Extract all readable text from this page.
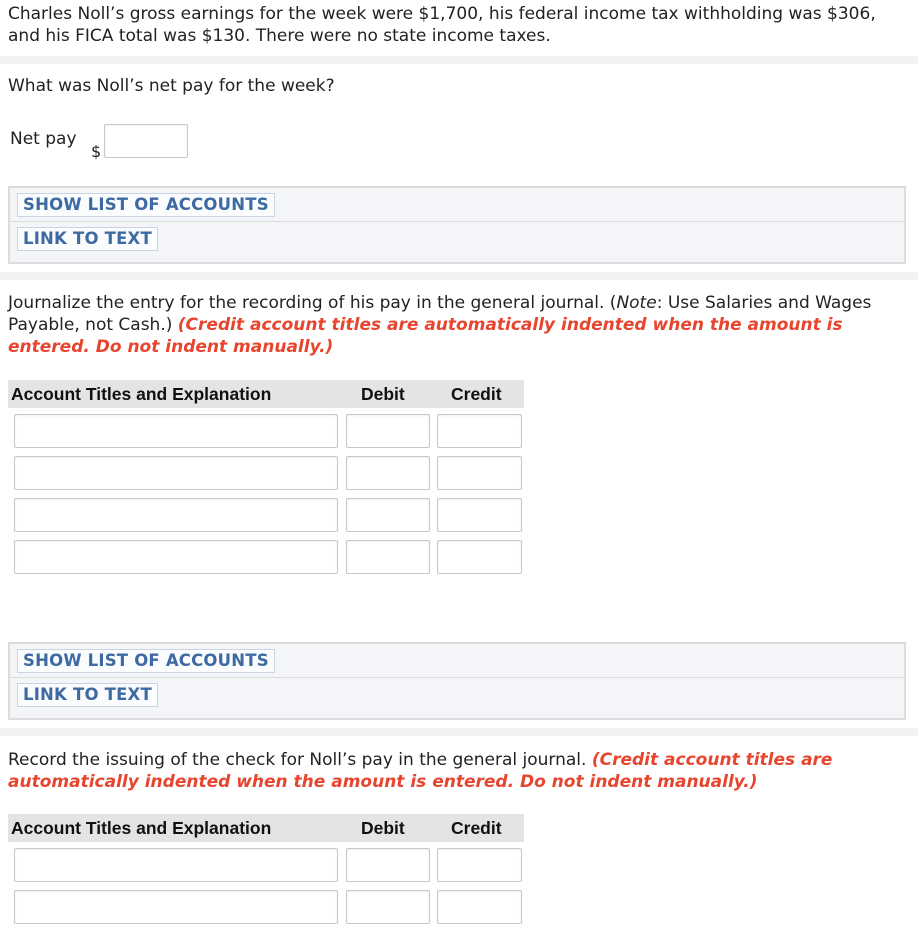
Charles Noll’s gross earnings for the week were $1,700, his federal income tax withholding was $306, and his FICA total was $130. There were no state income taxes.

What was Noll’s net pay for the week?

Net pay
$
SHOW LIST OF ACCOUNTS
LINK TO TEXT

Journalize the entry for the recording of his pay in the general journal. (Note: Use Salaries and Wages Payable, not Cash.) (Credit account titles are automatically indented when the amount is entered. Do not indent manually.)

Account Titles and Explanation	Debit	Credit
SHOW LIST OF ACCOUNTS
LINK TO TEXT

Record the issuing of the check for Noll’s pay in the general journal. (Credit account titles are automatically indented when the amount is entered. Do not indent manually.)

Account Titles and Explanation	Debit	Credit
